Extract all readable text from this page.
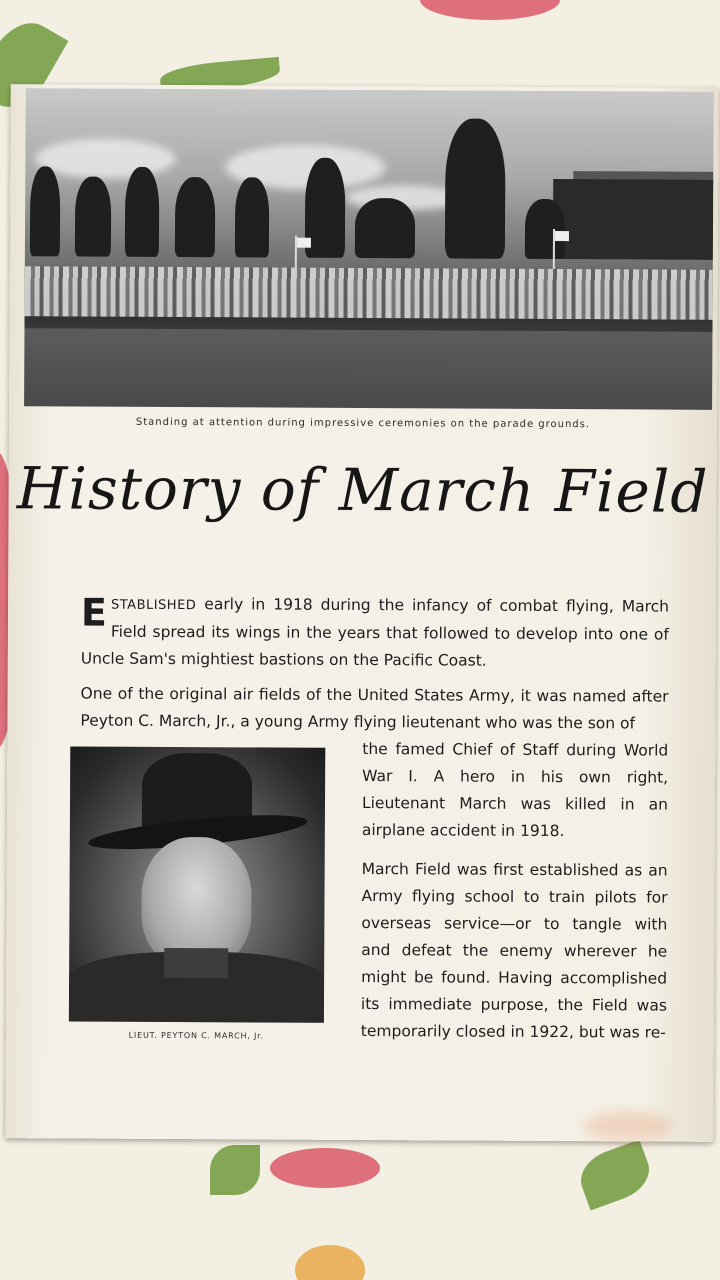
Standing at attention during impressive ceremonies on the parade grounds.
History of March Field
ESTABLISHED early in 1918 during the infancy of combat flying, March Field spread its wings in the years that followed to develop into one of Uncle Sam's mightiest bastions on the Pacific Coast.
One of the original air fields of the United States Army, it was named after Peyton C. March, Jr., a young Army flying lieutenant who was the son of
the famed Chief of Staff during World War I. A hero in his own right, Lieutenant March was killed in an airplane accident in 1918.
LIEUT. PEYTON C. MARCH, Jr.
March Field was first established as an Army flying school to train pilots for overseas service—or to tangle with and defeat the enemy wherever he might be found. Having accomplished its immediate purpose, the Field was temporarily closed in 1922, but was re-
